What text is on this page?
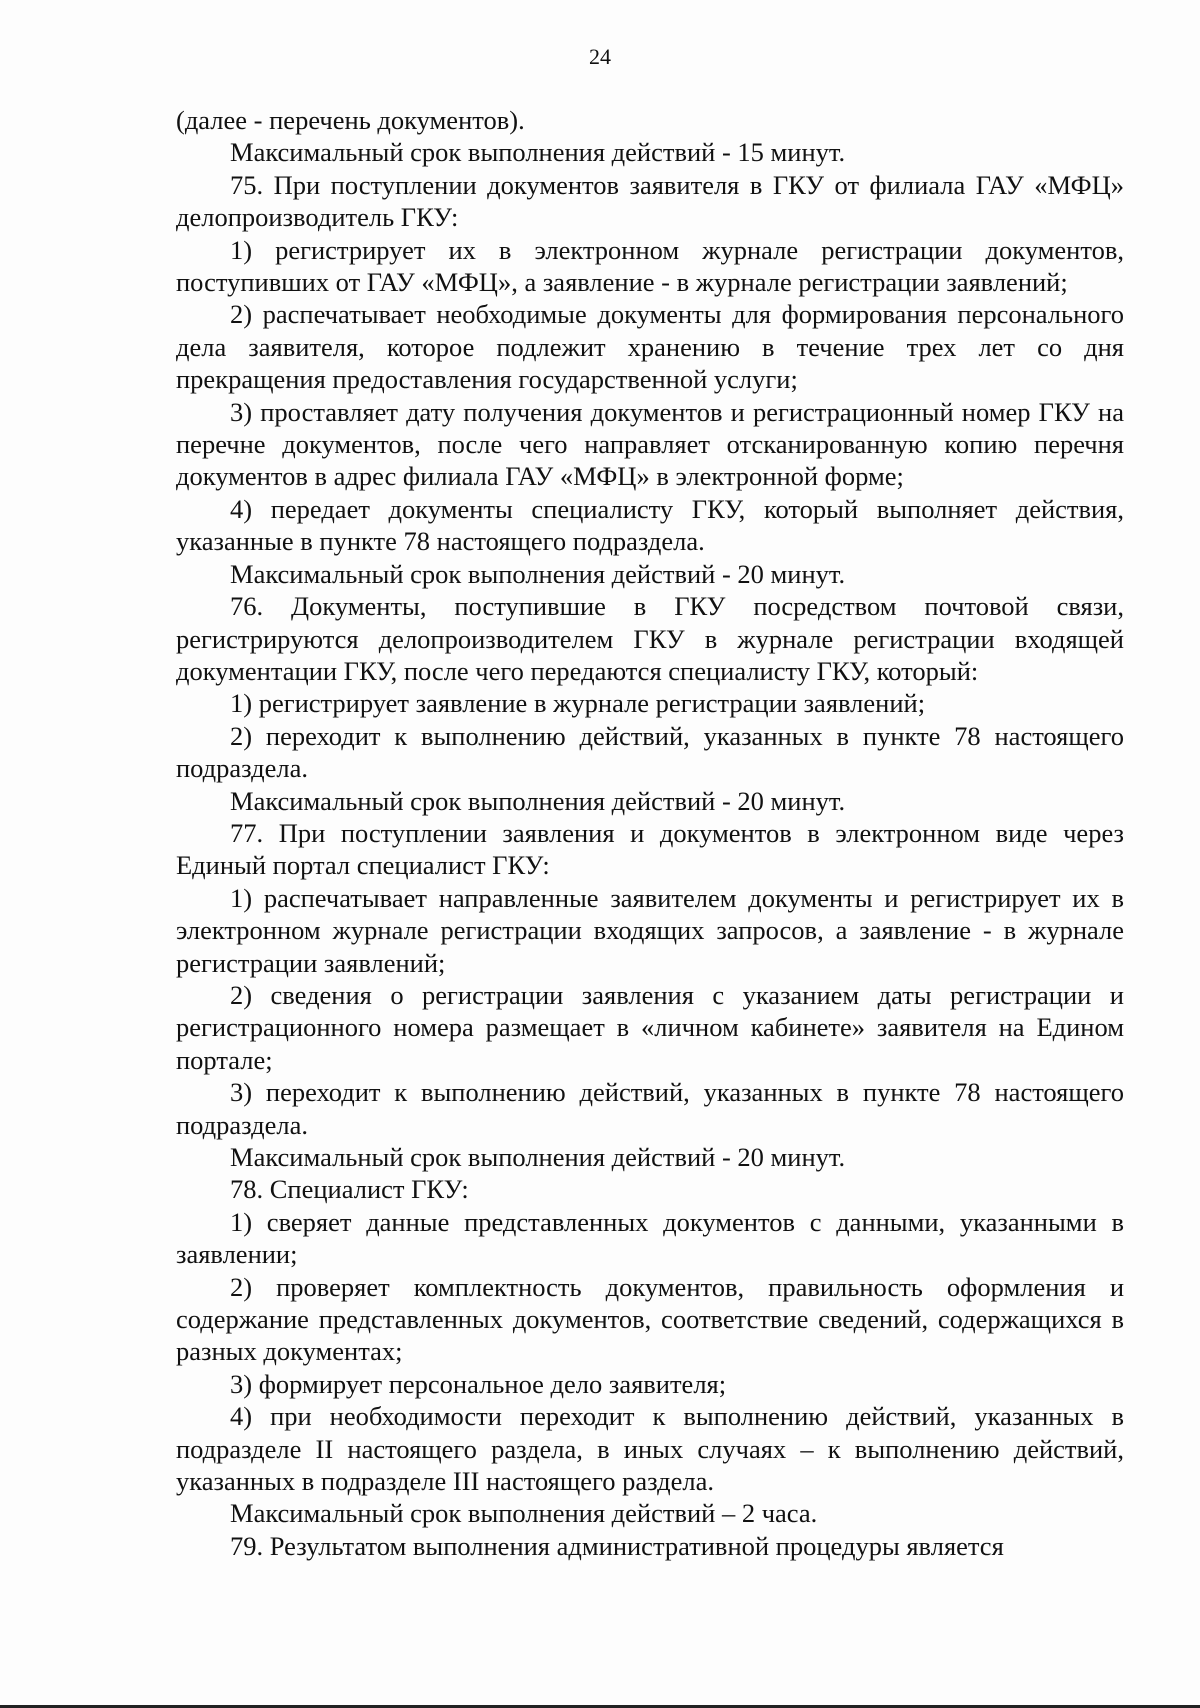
24

(далее - перечень документов).

Максимальный срок выполнения действий - 15 минут.

75. При поступлении документов заявителя в ГКУ от филиала ГАУ «МФЦ» делопроизводитель ГКУ:

1) регистрирует их в электронном журнале регистрации документов, поступивших от ГАУ «МФЦ», а заявление - в журнале регистрации заявлений;

2) распечатывает необходимые документы для формирования персонального дела заявителя, которое подлежит хранению в течение трех лет со дня прекращения предоставления государственной услуги;

3) проставляет дату получения документов и регистрационный номер ГКУ на перечне документов, после чего направляет отсканированную копию перечня документов в адрес филиала ГАУ «МФЦ» в электронной форме;

4) передает документы специалисту ГКУ, который выполняет действия, указанные в пункте 78 настоящего подраздела.

Максимальный срок выполнения действий - 20 минут.

76. Документы, поступившие в ГКУ посредством почтовой связи, регистрируются делопроизводителем ГКУ в журнале регистрации входящей документации ГКУ, после чего передаются специалисту ГКУ, который:

1) регистрирует заявление в журнале регистрации заявлений;

2) переходит к выполнению действий, указанных в пункте 78 настоящего подраздела.

Максимальный срок выполнения действий - 20 минут.

77. При поступлении заявления и документов в электронном виде через Единый портал специалист ГКУ:

1) распечатывает направленные заявителем документы и регистрирует их в электронном журнале регистрации входящих запросов, а заявление - в журнале регистрации заявлений;

2) сведения о регистрации заявления с указанием даты регистрации и регистрационного номера размещает в «личном кабинете» заявителя на Едином портале;

3) переходит к выполнению действий, указанных в пункте 78 настоящего подраздела.

Максимальный срок выполнения действий - 20 минут.

78. Специалист ГКУ:

1) сверяет данные представленных документов с данными, указанными в заявлении;

2) проверяет комплектность документов, правильность оформления и содержание представленных документов, соответствие сведений, содержащихся в разных документах;

3) формирует персональное дело заявителя;

4) при необходимости переходит к выполнению действий, указанных в подразделе II настоящего раздела, в иных случаях – к выполнению действий, указанных в подразделе III настоящего раздела.

Максимальный срок выполнения действий – 2 часа.

79. Результатом выполнения административной процедуры является
